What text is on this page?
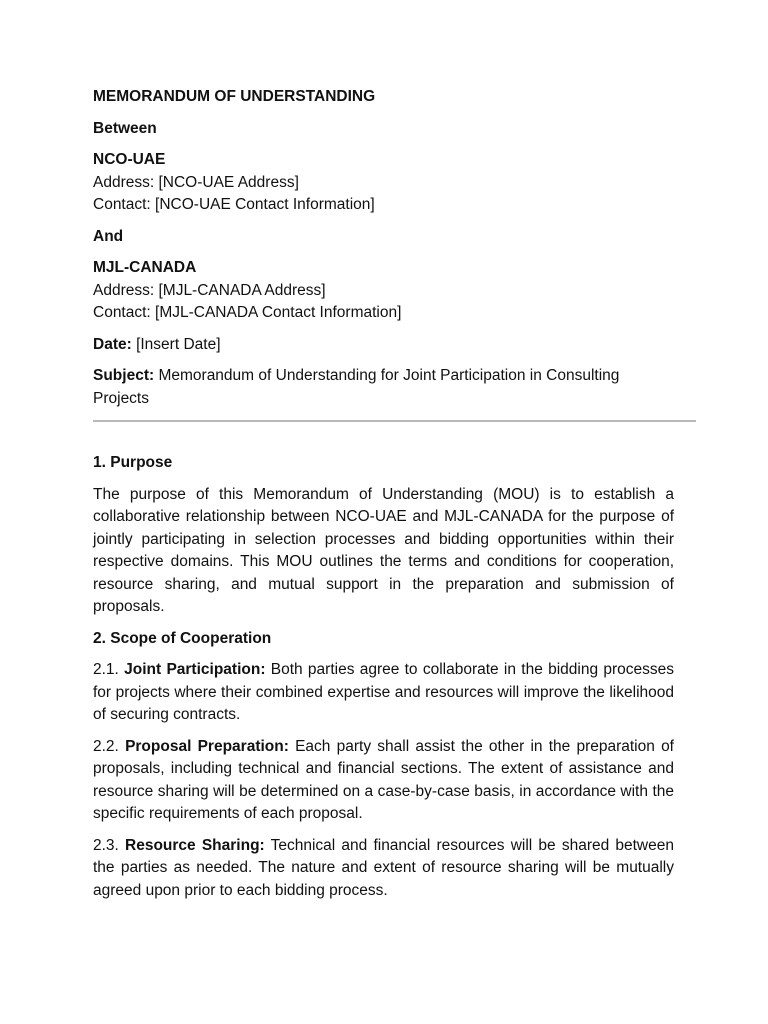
MEMORANDUM OF UNDERSTANDING
Between
NCO-UAE
Address: [NCO-UAE Address]
Contact: [NCO-UAE Contact Information]
And
MJL-CANADA
Address: [MJL-CANADA Address]
Contact: [MJL-CANADA Contact Information]
Date: [Insert Date]
Subject: Memorandum of Understanding for Joint Participation in Consulting Projects
1. Purpose
The purpose of this Memorandum of Understanding (MOU) is to establish a collaborative relationship between NCO-UAE and MJL-CANADA for the purpose of jointly participating in selection processes and bidding opportunities within their respective domains. This MOU outlines the terms and conditions for cooperation, resource sharing, and mutual support in the preparation and submission of proposals.
2. Scope of Cooperation
2.1. Joint Participation: Both parties agree to collaborate in the bidding processes for projects where their combined expertise and resources will improve the likelihood of securing contracts.
2.2. Proposal Preparation: Each party shall assist the other in the preparation of proposals, including technical and financial sections. The extent of assistance and resource sharing will be determined on a case-by-case basis, in accordance with the specific requirements of each proposal.
2.3. Resource Sharing: Technical and financial resources will be shared between the parties as needed. The nature and extent of resource sharing will be mutually agreed upon prior to each bidding process.
